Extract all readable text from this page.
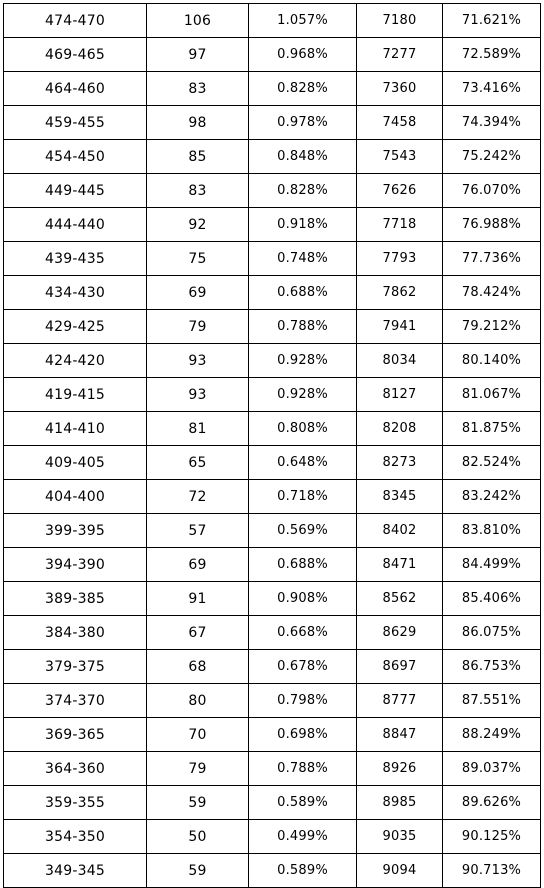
474-470	106	1.057%	7180	71.621%
469-465	97	0.968%	7277	72.589%
464-460	83	0.828%	7360	73.416%
459-455	98	0.978%	7458	74.394%
454-450	85	0.848%	7543	75.242%
449-445	83	0.828%	7626	76.070%
444-440	92	0.918%	7718	76.988%
439-435	75	0.748%	7793	77.736%
434-430	69	0.688%	7862	78.424%
429-425	79	0.788%	7941	79.212%
424-420	93	0.928%	8034	80.140%
419-415	93	0.928%	8127	81.067%
414-410	81	0.808%	8208	81.875%
409-405	65	0.648%	8273	82.524%
404-400	72	0.718%	8345	83.242%
399-395	57	0.569%	8402	83.810%
394-390	69	0.688%	8471	84.499%
389-385	91	0.908%	8562	85.406%
384-380	67	0.668%	8629	86.075%
379-375	68	0.678%	8697	86.753%
374-370	80	0.798%	8777	87.551%
369-365	70	0.698%	8847	88.249%
364-360	79	0.788%	8926	89.037%
359-355	59	0.589%	8985	89.626%
354-350	50	0.499%	9035	90.125%
349-345	59	0.589%	9094	90.713%
